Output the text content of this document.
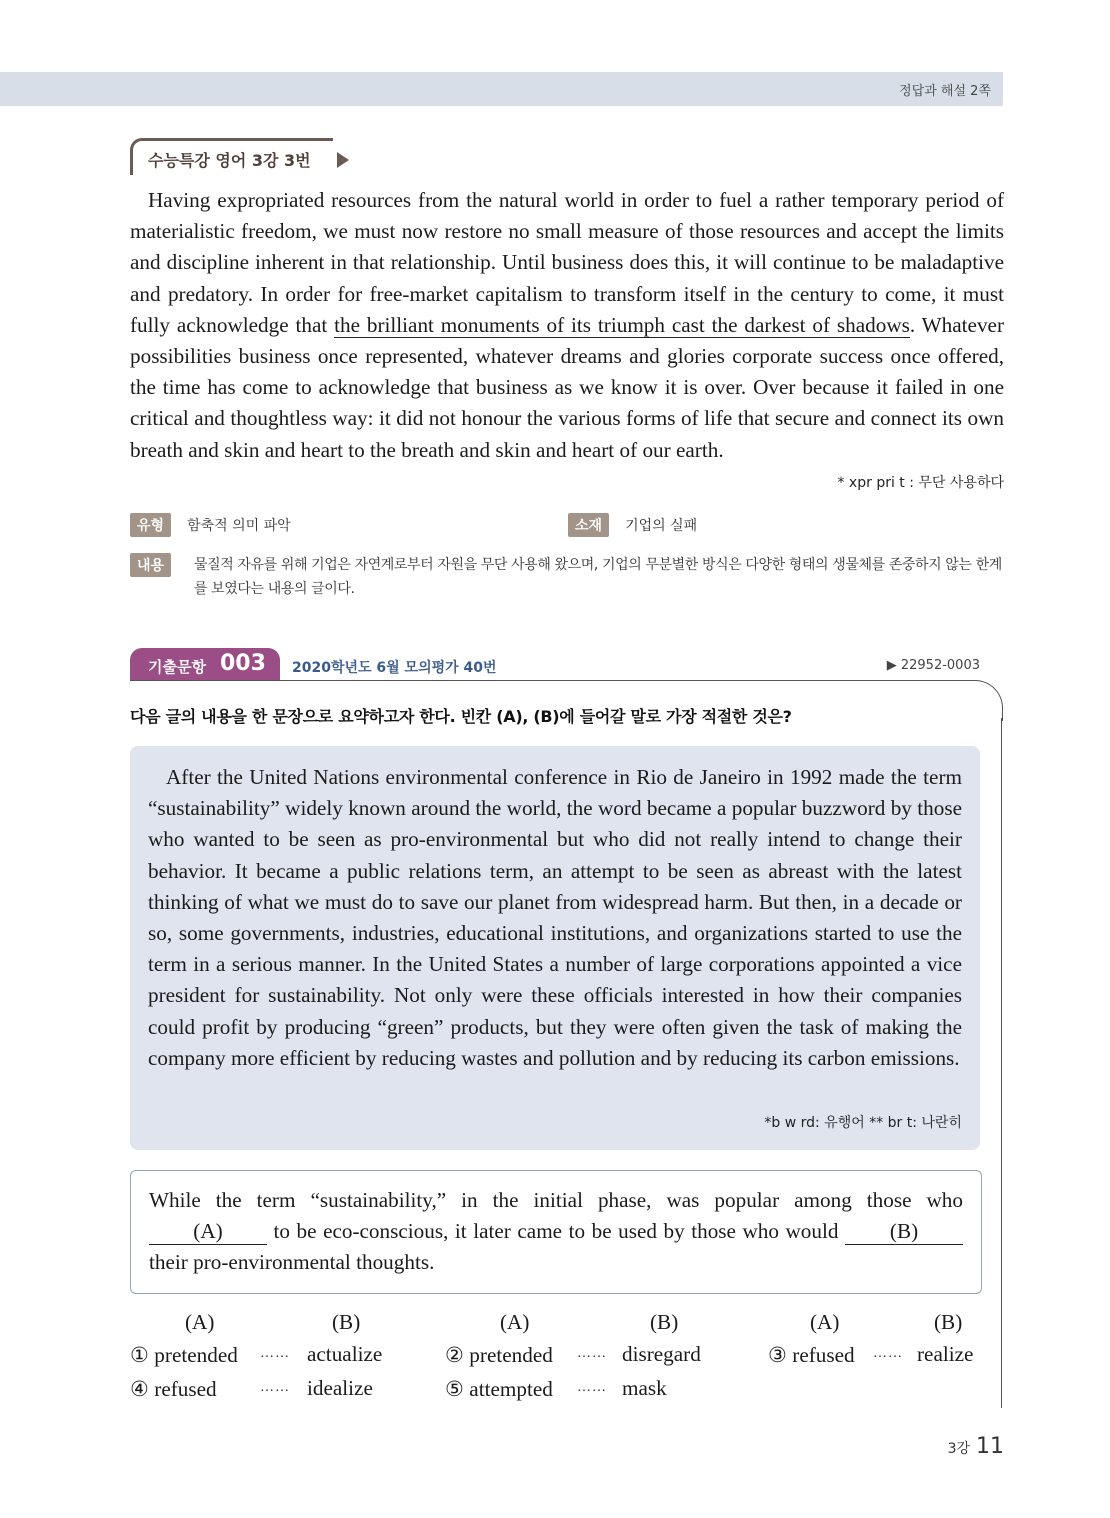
정답과 해설 2쪽
수능특강 영어 3강 3번
Having expropriated resources from the natural world in order to fuel a rather temporary period of materialistic freedom, we must now restore no small measure of those resources and accept the limits and discipline inherent in that relationship. Until business does this, it will continue to be maladaptive and predatory. In order for free-market capitalism to transform itself in the century to come, it must fully acknowledge that the brilliant monuments of its triumph cast the darkest of shadows. Whatever possibilities business once represented, whatever dreams and glories corporate success once offered, the time has come to acknowledge that business as we know it is over. Over because it failed in one critical and thoughtless way: it did not honour the various forms of life that secure and connect its own breath and skin and heart to the breath and skin and heart of our earth.
* xpr pri t : 무단 사용하다
유형 함축적 의미 파악	소재 기업의 실패
내용	물질적 자유를 위해 기업은 자연계로부터 자원을 무단 사용해 왔으며, 기업의 무분별한 방식은 다양한 형태의 생물체를 존중하지 않는 한계를 보였다는 내용의 글이다.
기출문항 003 2020학년도 6월 모의평가 40번	▶ 22952-0003
다음 글의 내용을 한 문장으로 요약하고자 한다. 빈칸 (A), (B)에 들어갈 말로 가장 적절한 것은?
After the United Nations environmental conference in Rio de Janeiro in 1992 made the term “sustainability” widely known around the world, the word became a popular buzzword by those who wanted to be seen as pro-environmental but who did not really intend to change their behavior. It became a public relations term, an attempt to be seen as abreast with the latest thinking of what we must do to save our planet from widespread harm. But then, in a decade or so, some governments, industries, educational institutions, and organizations started to use the term in a serious manner. In the United States a number of large corporations appointed a vice president for sustainability. Not only were these officials interested in how their companies could profit by producing “green” products, but they were often given the task of making the company more efficient by reducing wastes and pollution and by reducing its carbon emissions.
*b w rd: 유행어 ** br t: 나란히
While the term “sustainability,” in the initial phase, was popular among those who (A) to be eco-conscious, it later came to be used by those who would (B) their pro-environmental thoughts.
(A)	(B)	(A)	(B)	(A)	(B)
① pretended …… actualize	② pretended …… disregard	③ refused …… realize
④ refused	…… idealize	⑤ attempted …… mask
3강 11
